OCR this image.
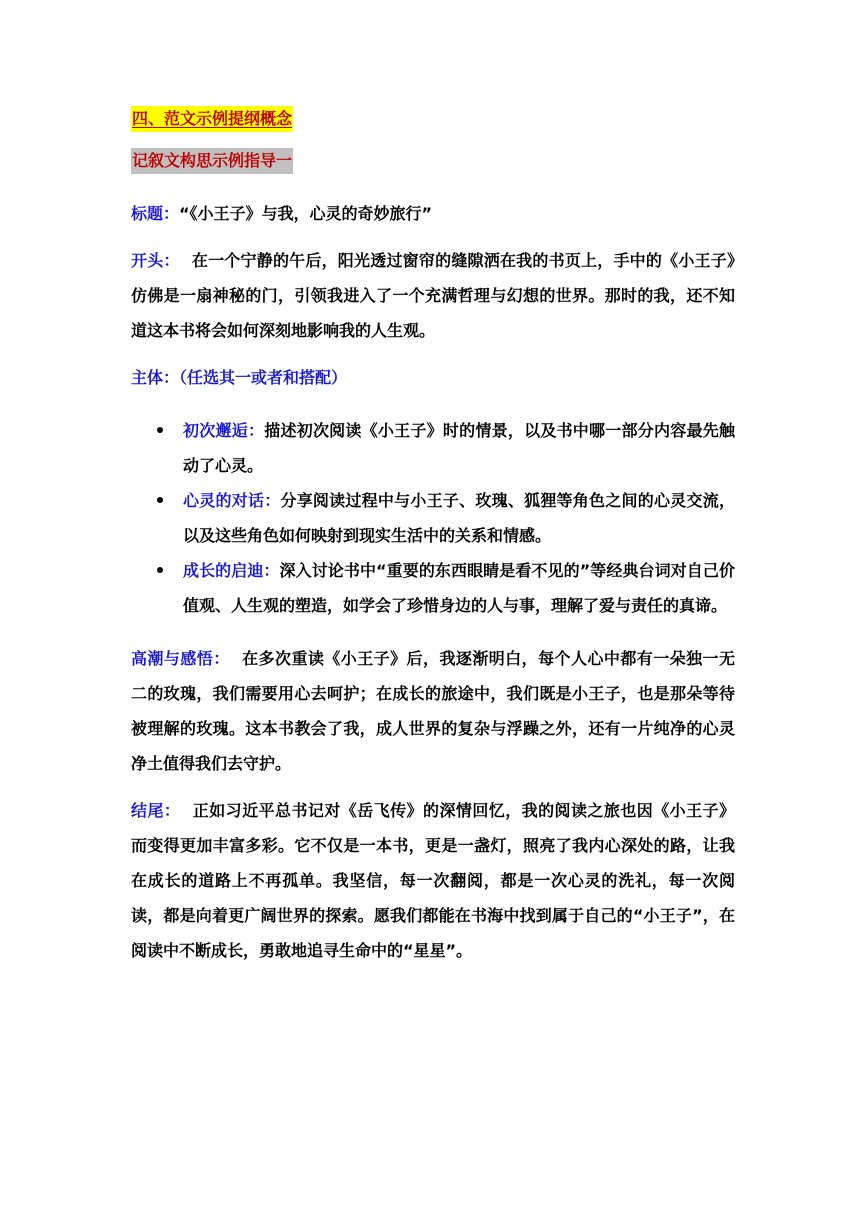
四、范文示例提纲概念
记叙文构思示例指导一
标题：“《小王子》与我，心灵的奇妙旅行”
开头： 在一个宁静的午后，阳光透过窗帘的缝隙洒在我的书页上，手中的《小王子》仿佛是一扇神秘的门，引领我进入了一个充满哲理与幻想的世界。那时的我，还不知道这本书将会如何深刻地影响我的人生观。
主体：（任选其一或者和搭配）
初次邂逅：描述初次阅读《小王子》时的情景，以及书中哪一部分内容最先触动了心灵。
心灵的对话：分享阅读过程中与小王子、玫瑰、狐狸等角色之间的心灵交流，以及这些角色如何映射到现实生活中的关系和情感。
成长的启迪：深入讨论书中“重要的东西眼睛是看不见的”等经典台词对自己价值观、人生观的塑造，如学会了珍惜身边的人与事，理解了爱与责任的真谛。
高潮与感悟： 在多次重读《小王子》后，我逐渐明白，每个人心中都有一朵独一无二的玫瑰，我们需要用心去呵护；在成长的旅途中，我们既是小王子，也是那朵等待被理解的玫瑰。这本书教会了我，成人世界的复杂与浮躁之外，还有一片纯净的心灵净土值得我们去守护。
结尾： 正如习近平总书记对《岳飞传》的深情回忆，我的阅读之旅也因《小王子》而变得更加丰富多彩。它不仅是一本书，更是一盏灯，照亮了我内心深处的路，让我在成长的道路上不再孤单。我坚信，每一次翻阅，都是一次心灵的洗礼，每一次阅读，都是向着更广阔世界的探索。愿我们都能在书海中找到属于自己的“小王子”，在阅读中不断成长，勇敢地追寻生命中的“星星”。
